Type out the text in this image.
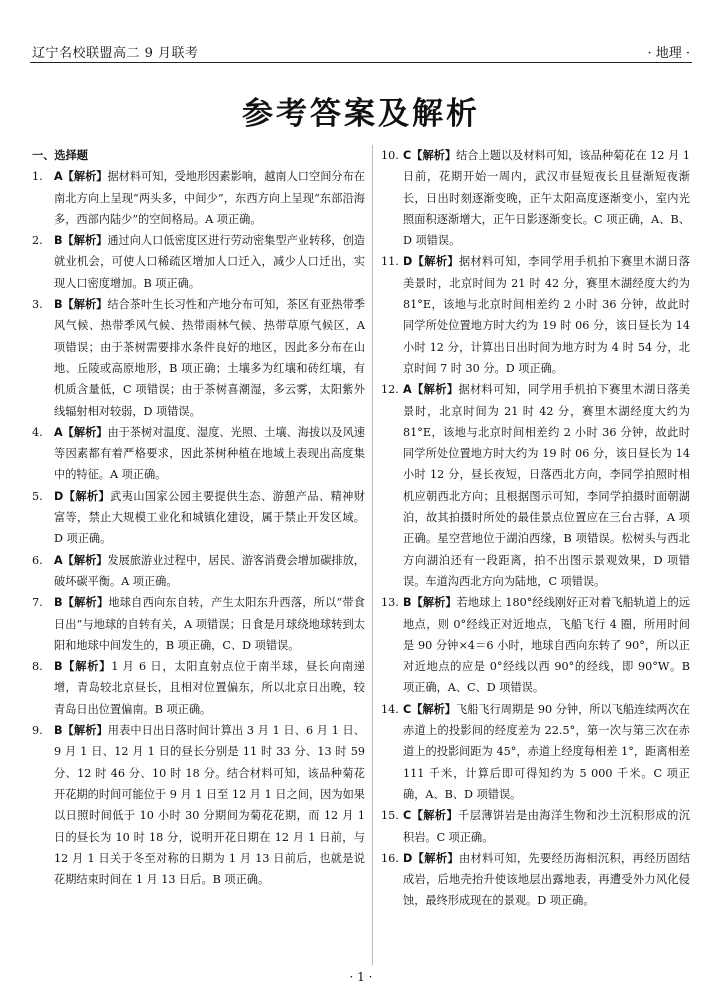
辽宁名校联盟高二 9 月联考	· 地理 ·
参考答案及解析
一、选择题
1. A【解析】据材料可知，受地形因素影响，越南人口空间分布在南北方向上呈现“两头多，中间少”，东西方向上呈现“东部沿海多，西部内陆少”的空间格局。A 项正确。
2. B【解析】通过向人口低密度区进行劳动密集型产业转移，创造就业机会，可使人口稀疏区增加人口迁入，减少人口迁出，实现人口密度增加。B 项正确。
3. B【解析】结合茶叶生长习性和产地分布可知，茶区有亚热带季风气候、热带季风气候、热带雨林气候、热带草原气候区，A 项错误；由于茶树需要排水条件良好的地区，因此多分布在山地、丘陵或高原地形，B 项正确；土壤多为红壤和砖红壤，有机质含量低，C 项错误；由于茶树喜潮湿，多云雾，太阳紫外线辐射相对较弱，D 项错误。
4. A【解析】由于茶树对温度、湿度、光照、土壤、海拔以及风速等因素都有着严格要求，因此茶树种植在地域上表现出高度集中的特征。A 项正确。
5. D【解析】武夷山国家公园主要提供生态、游憩产品、精神财富等，禁止大规模工业化和城镇化建设，属于禁止开发区域。D 项正确。
6. A【解析】发展旅游业过程中，居民、游客消费会增加碳排放，破坏碳平衡。A 项正确。
7. B【解析】地球自西向东自转，产生太阳东升西落，所以“带食日出”与地球的自转有关，A 项错误；日食是月球绕地球转到太阳和地球中间发生的，B 项正确，C、D 项错误。
8. B【解析】1 月 6 日，太阳直射点位于南半球，昼长向南递增，青岛较北京昼长，且相对位置偏东，所以北京日出晚，较青岛日出位置偏南。B 项正确。
9. B【解析】用表中日出日落时间计算出 3 月 1 日、6 月 1 日、9 月 1 日、12 月 1 日的昼长分别是 11 时 33 分、13 时 59 分、12 时 46 分、10 时 18 分。结合材料可知，该品种菊花开花期的时间可能位于 9 月 1 日至 12 月 1 日之间，因为如果以日照时间低于 10 小时 30 分期间为菊花花期，而 12 月 1 日的昼长为 10 时 18 分，说明开花日期在 12 月 1 日前，与 12 月 1 日关于冬至对称的日期为 1 月 13 日前后，也就是说花期结束时间在 1 月 13 日后。B 项正确。
10. C【解析】结合上题以及材料可知，该品种菊花在 12 月 1 日前，花期开始一周内，武汉市昼短夜长且昼渐短夜渐长，日出时刻逐渐变晚，正午太阳高度逐渐变小，室内光照面积逐渐增大，正午日影逐渐变长。C 项正确，A、B、D 项错误。
11. D【解析】据材料可知，李同学用手机拍下赛里木湖日落美景时，北京时间为 21 时 42 分，赛里木湖经度大约为 81°E，该地与北京时间相差约 2 小时 36 分钟，故此时同学所处位置地方时大约为 19 时 06 分，该日昼长为 14 小时 12 分，计算出日出时间为地方时为 4 时 54 分，北京时间 7 时 30 分。D 项正确。
12. A【解析】据材料可知，同学用手机拍下赛里木湖日落美景时，北京时间为 21 时 42 分，赛里木湖经度大约为 81°E，该地与北京时间相差约 2 小时 36 分钟，故此时同学所处位置地方时大约为 19 时 06 分，该日昼长为 14 小时 12 分，昼长夜短，日落西北方向，李同学拍照时相机应朝西北方向；且根据图示可知，李同学拍摄时面朝湖泊，故其拍摄时所处的最佳景点位置应在三台古驿，A 项正确。星空营地位于湖泊西缘，B 项错误。松树头与西北方向湖泊还有一段距离，拍不出图示景观效果，D 项错误。车道沟西北方向为陆地，C 项错误。
13. B【解析】若地球上 180°经线刚好正对着飞船轨道上的远地点，则 0°经线正对近地点，飞船飞行 4 圈，所用时间是 90 分钟×4＝6 小时，地球自西向东转了 90°，所以正对近地点的应是 0°经线以西 90°的经线，即 90°W。B 项正确，A、C、D 项错误。
14. C【解析】飞船飞行周期是 90 分钟，所以飞船连续两次在赤道上的投影间的经度差为 22.5°，第一次与第三次在赤道上的投影间距为 45°，赤道上经度每相差 1°，距离相差 111 千米，计算后即可得知约为 5 000 千米。C 项正确，A、B、D 项错误。
15. C【解析】千层薄饼岩是由海洋生物和沙土沉积形成的沉积岩。C 项正确。
16. D【解析】由材料可知，先要经历海相沉积，再经历固结成岩，后地壳抬升使该地层出露地表，再遭受外力风化侵蚀，最终形成现在的景观。D 项正确。
· 1 ·
